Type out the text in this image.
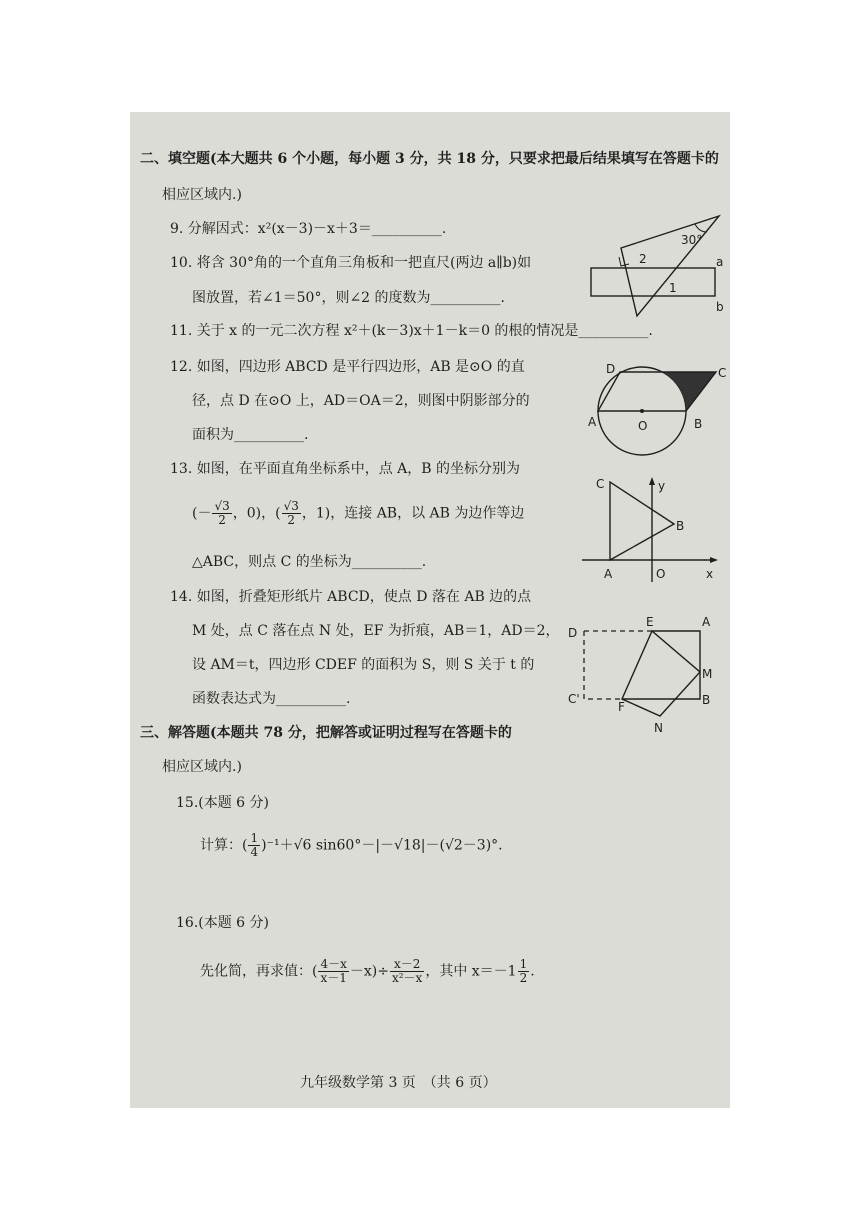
二、填空题(本大题共 6 个小题，每小题 3 分，共 18 分，只要求把最后结果填写在答题卡的
相应区域内.)
9. 分解因式：x²(x－3)－x＋3＝__________.
10. 将含 30°角的一个直角三角板和一把直尺(两边 a∥b)如
图放置，若∠1＝50°，则∠2 的度数为__________.
11. 关于 x 的一元二次方程 x²＋(k－3)x＋1－k＝0 的根的情况是__________.
12. 如图，四边形 ABCD 是平行四边形，AB 是⊙O 的直
径，点 D 在⊙O 上，AD＝OA＝2，则图中阴影部分的
面积为__________.
13. 如图，在平面直角坐标系中，点 A，B 的坐标分别为
(－ $\frac{√3}{2}$ ，0)，( $\frac{√3}{2}$ ，1)，连接 AB，以 AB 为边作等边
△ABC，则点 C 的坐标为__________.
14. 如图，折叠矩形纸片 ABCD，使点 D 落在 AB 边的点
M 处，点 C 落在点 N 处，EF 为折痕，AB＝1，AD＝2，
设 AM＝t，四边形 CDEF 的面积为 S，则 S 关于 t 的
函数表达式为__________.
三、解答题(本题共 78 分，把解答或证明过程写在答题卡的
相应区域内.)
15.(本题 6 分)
计算：( $\frac{1}{4} )^{-1}+√6$ sin60°－|－√18|－(√2－3)°.
16.(本题 6 分)
先化简，再求值：( $\frac{4-x}{x-1} -x)\div \frac{x-2}{\text{x²－x}}$ ，其中 $x=-1 \frac{1}{2}$ .
30°
2
1
a
b
D	C
A	O	B
A	O
C
B
y
x
D
E	A
M
B
F
C'
N
九年级数学第 3 页　（共 6 页）
